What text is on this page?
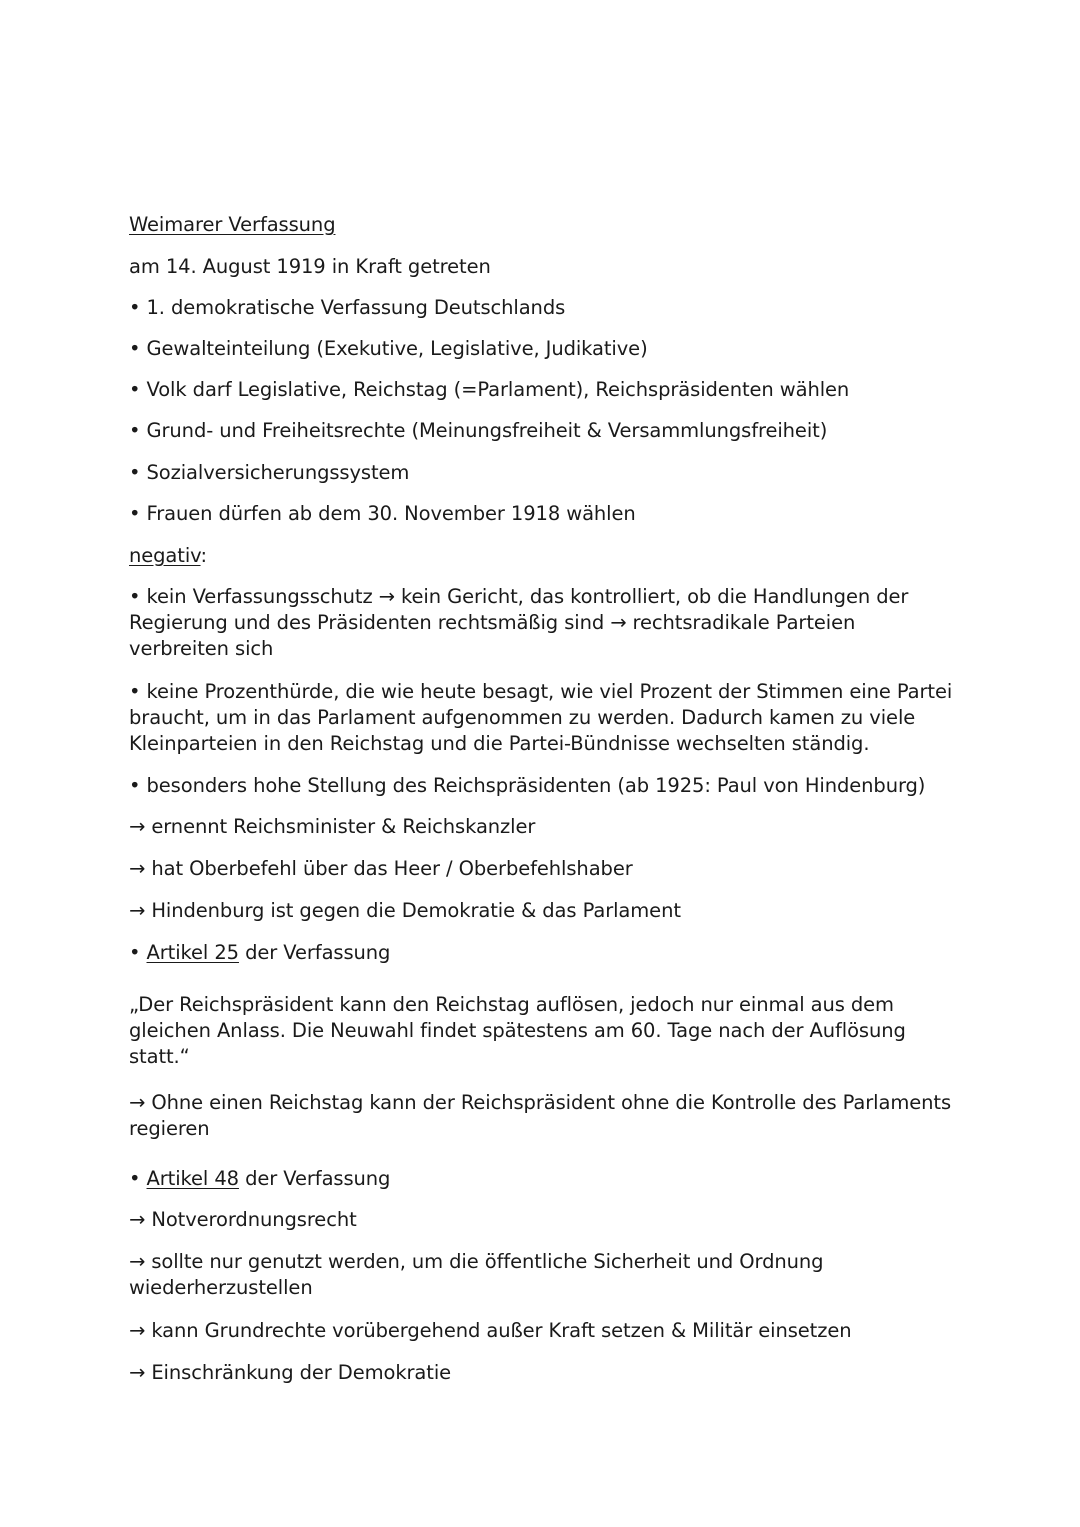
Weimarer Verfassung
am 14. August 1919 in Kraft getreten
• 1. demokratische Verfassung Deutschlands
• Gewalteinteilung (Exekutive, Legislative, Judikative)
• Volk darf Legislative, Reichstag (=Parlament), Reichspräsidenten wählen
• Grund- und Freiheitsrechte (Meinungsfreiheit & Versammlungsfreiheit)
• Sozialversicherungssystem
• Frauen dürfen ab dem 30. November 1918 wählen
negativ:
• kein Verfassungsschutz → kein Gericht, das kontrolliert, ob die Handlungen der Regierung und des Präsidenten rechtsmäßig sind → rechtsradikale Parteien verbreiten sich
• keine Prozenthürde, die wie heute besagt, wie viel Prozent der Stimmen eine Partei braucht, um in das Parlament aufgenommen zu werden. Dadurch kamen zu viele Kleinparteien in den Reichstag und die Partei-Bündnisse wechselten ständig.
• besonders hohe Stellung des Reichspräsidenten (ab 1925: Paul von Hindenburg)
→ ernennt Reichsminister & Reichskanzler
→ hat Oberbefehl über das Heer / Oberbefehlshaber
→ Hindenburg ist gegen die Demokratie & das Parlament
• Artikel 25 der Verfassung
„Der Reichspräsident kann den Reichstag auflösen, jedoch nur einmal aus dem gleichen Anlass. Die Neuwahl findet spätestens am 60. Tage nach der Auflösung statt.“
→ Ohne einen Reichstag kann der Reichspräsident ohne die Kontrolle des Parlaments regieren
• Artikel 48 der Verfassung
→ Notverordnungsrecht
→ sollte nur genutzt werden, um die öffentliche Sicherheit und Ordnung wiederherzustellen
→ kann Grundrechte vorübergehend außer Kraft setzen & Militär einsetzen
→ Einschränkung der Demokratie
